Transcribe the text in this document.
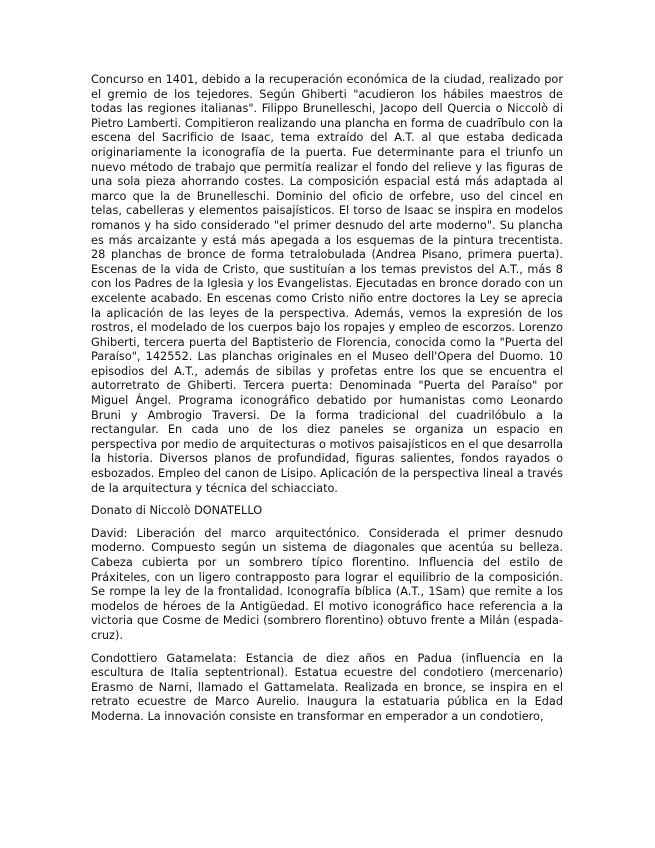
Concurso en 1401, debido a la recuperación económica de la ciudad, realizado por el gremio de los tejedores. Según Ghiberti "acudieron los hábiles maestros de todas las regiones italianas". Filippo Brunelleschi, Jacopo dell Quercia o Niccolò di Pietro Lamberti. Compitieron realizando una plancha en forma de cuadrībulo con la escena del Sacrificio de Isaac, tema extraído del A.T. al que estaba dedicada originariamente la iconografía de la puerta. Fue determinante para el triunfo un nuevo método de trabajo que permitía realizar el fondo del relieve y las figuras de una sola pieza ahorrando costes. La composición espacial está más adaptada al marco que la de Brunelleschi. Dominio del oficio de orfebre, uso del cincel en telas, cabelleras y elementos paisajísticos. El torso de Isaac se inspira en modelos romanos y ha sido considerado "el primer desnudo del arte moderno". Su plancha es más arcaizante y está más apegada a los esquemas de la pintura trecentista. 28 planchas de bronce de forma tetralobulada (Andrea Pisano, primera puerta). Escenas de la vida de Cristo, que sustituían a los temas previstos del A.T., más 8 con los Padres de la Iglesia y los Evangelistas. Ejecutadas en bronce dorado con un excelente acabado. En escenas como Cristo niño entre doctores la Ley se aprecia la aplicación de las leyes de la perspectiva. Además, vemos la expresión de los rostros, el modelado de los cuerpos bajo los ropajes y empleo de escorzos. Lorenzo Ghiberti, tercera puerta del Baptisterio de Florencia, conocida como la "Puerta del Paraíso", 142552. Las planchas originales en el Museo dell'Opera del Duomo. 10 episodios del A.T., además de sibilas y profetas entre los que se encuentra el autorretrato de Ghiberti. Tercera puerta: Denominada "Puerta del Paraíso" por Miguel Ángel. Programa iconográfico debatido por humanistas como Leonardo Bruni y Ambrogio Traversi. De la forma tradicional del cuadrilóbulo a la rectangular. En cada uno de los diez paneles se organiza un espacio en perspectiva por medio de arquitecturas o motivos paisajísticos en el que desarrolla la historia. Diversos planos de profundidad, figuras salientes, fondos rayados o esbozados. Empleo del canon de Lisipo. Aplicación de la perspectiva lineal a través de la arquitectura y técnica del schiacciato.

Donato di Niccolò DONATELLO

David: Liberación del marco arquitectónico. Considerada el primer desnudo moderno. Compuesto según un sistema de diagonales que acentúa su belleza. Cabeza cubierta por un sombrero típico florentino. Influencia del estilo de Práxiteles, con un ligero contrapposto para lograr el equilibrio de la composición. Se rompe la ley de la frontalidad. Iconografía bíblica (A.T., 1Sam) que remite a los modelos de héroes de la Antigüedad. El motivo iconográfico hace referencia a la victoria que Cosme de Medici (sombrero florentino) obtuvo frente a Milán (espada-cruz).

Condottiero Gatamelata: Estancia de diez años en Padua (influencia en la escultura de Italia septentrional). Estatua ecuestre del condotiero (mercenario) Erasmo de Narni, llamado el Gattamelata. Realizada en bronce, se inspira en el retrato ecuestre de Marco Aurelio. Inaugura la estatuaria pública en la Edad Moderna. La innovación consiste en transformar en emperador a un condotiero,
